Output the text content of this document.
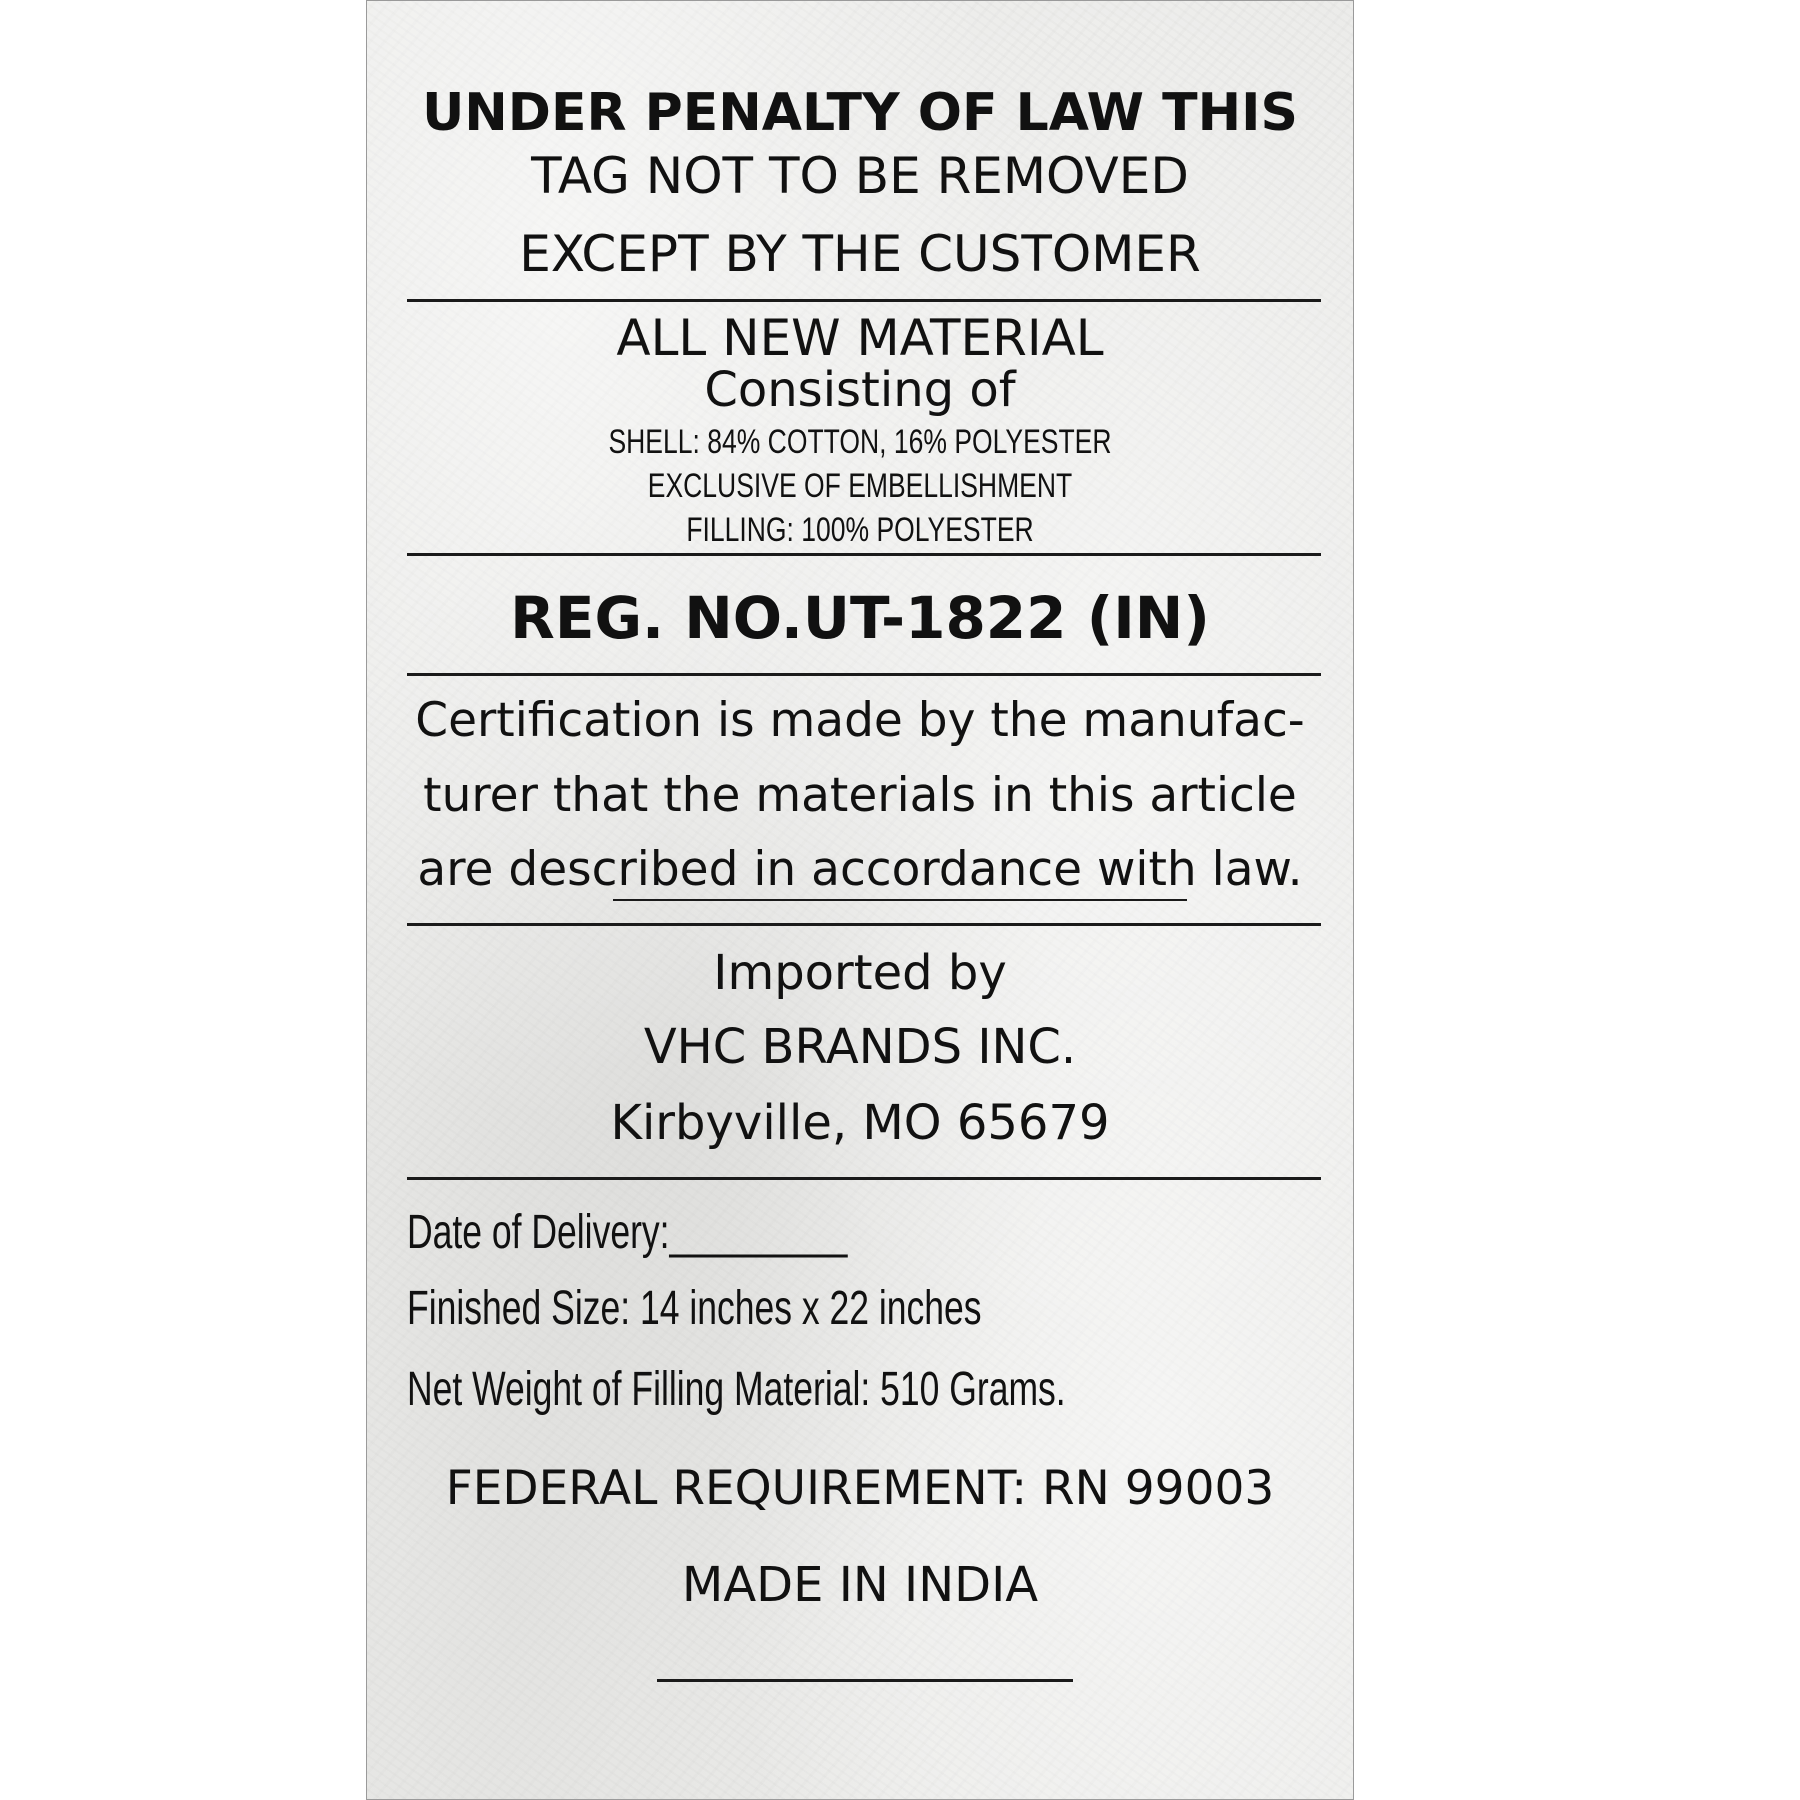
UNDER PENALTY OF LAW THIS
TAG NOT TO BE REMOVED
EXCEPT BY THE CUSTOMER
ALL NEW MATERIAL
Consisting of
SHELL: 84% COTTON, 16% POLYESTER
EXCLUSIVE OF EMBELLISHMENT
FILLING: 100% POLYESTER
REG. NO.UT-1822 (IN)
Certification is made by the manufac-
turer that the materials in this article
are described in accordance with law.
Imported by
VHC BRANDS INC.
Kirbyville, MO 65679
Date of Delivery:_________
Finished Size: 14 inches x 22 inches
Net Weight of Filling Material: 510 Grams.
FEDERAL REQUIREMENT: RN 99003
MADE IN INDIA
